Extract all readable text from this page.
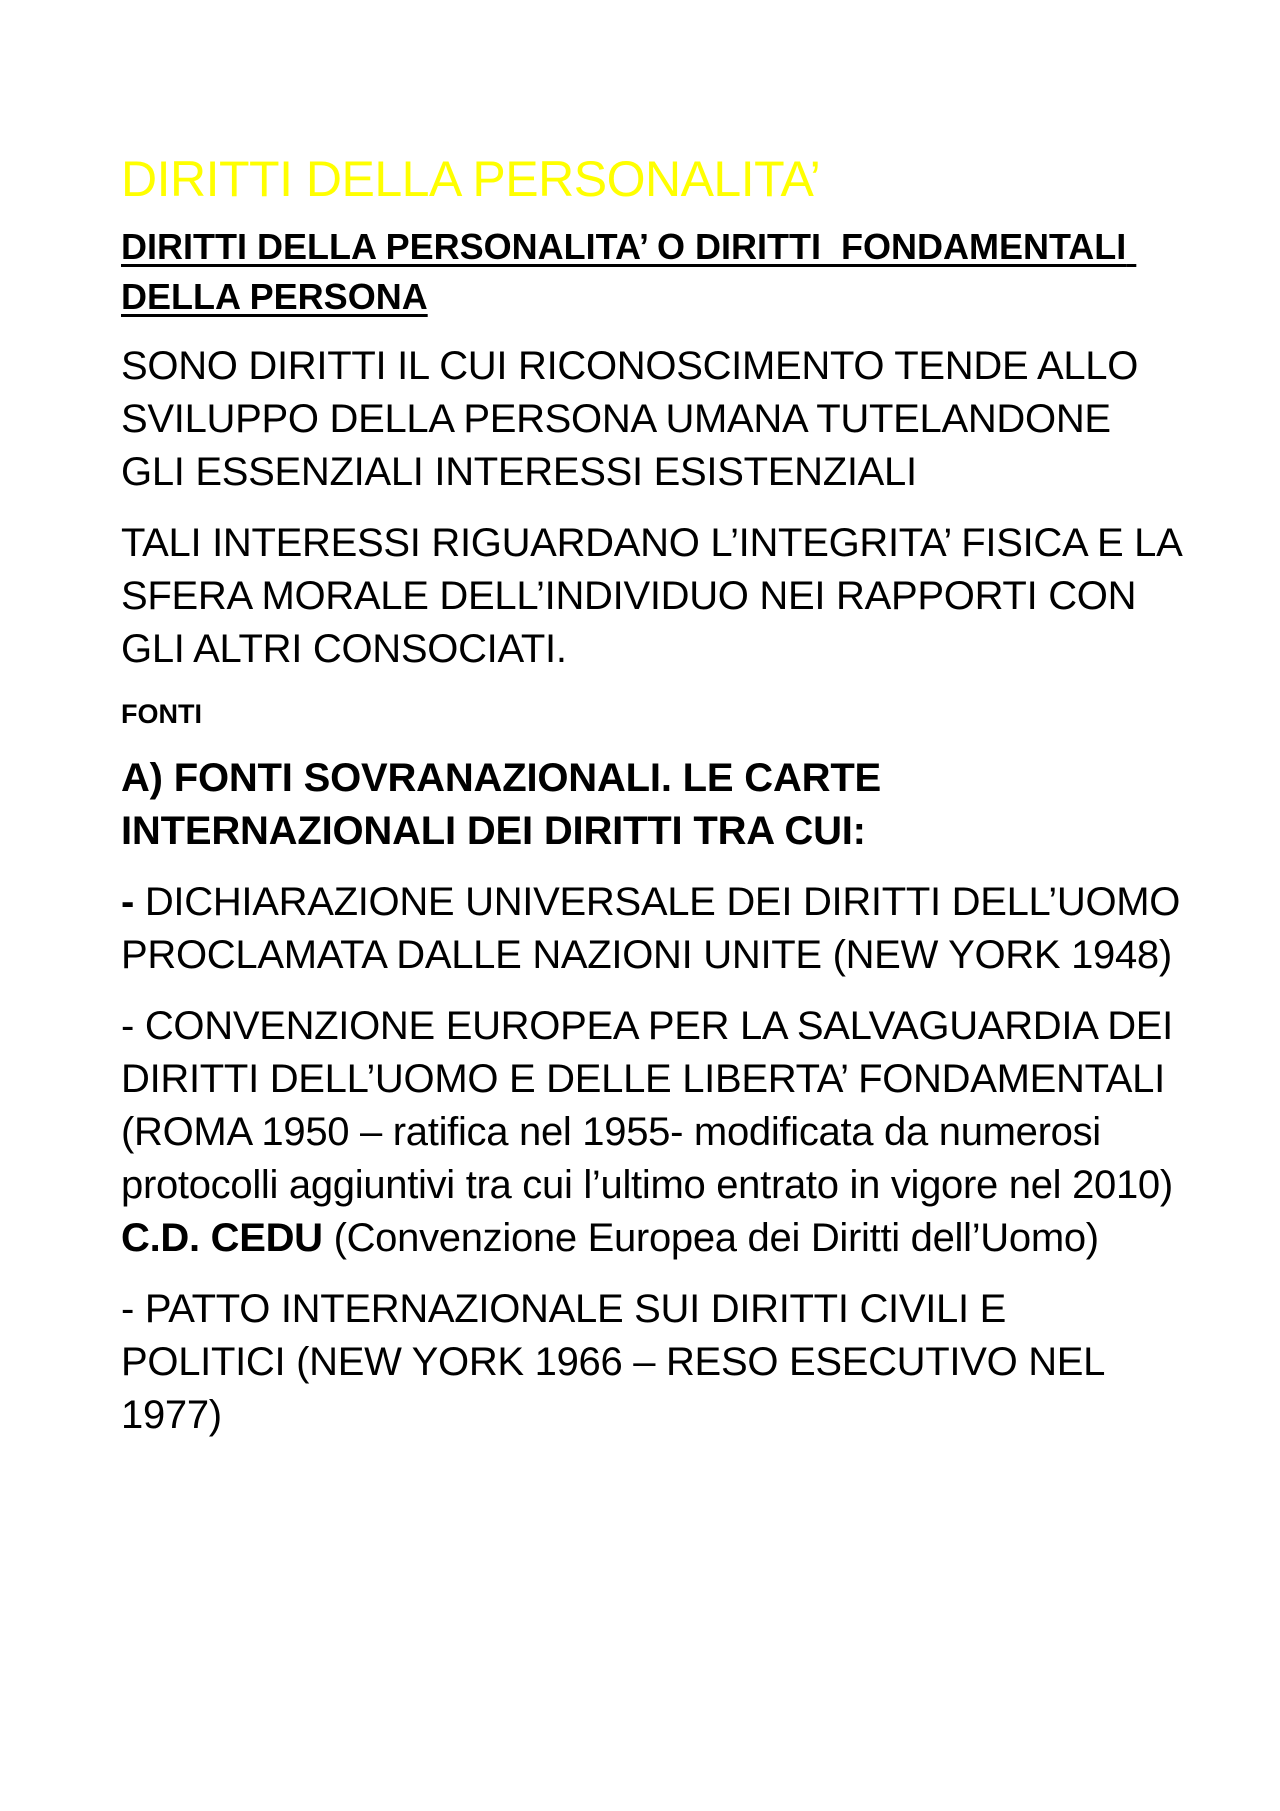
DIRITTI DELLA PERSONALITA’
DIRITTI DELLA PERSONALITA’ O DIRITTI  FONDAMENTALI DELLA PERSONA

SONO DIRITTI IL CUI RICONOSCIMENTO TENDE ALLO SVILUPPO DELLA PERSONA UMANA TUTELANDONE GLI ESSENZIALI INTERESSI ESISTENZIALI

TALI INTERESSI RIGUARDANO L’INTEGRITA’ FISICA E LA SFERA MORALE DELL’INDIVIDUO NEI RAPPORTI CON GLI ALTRI CONSOCIATI.

FONTI
A) FONTI SOVRANAZIONALI. LE CARTE INTERNAZIONALI DEI DIRITTI TRA CUI:

- DICHIARAZIONE UNIVERSALE DEI DIRITTI DELL’UOMO PROCLAMATA DALLE NAZIONI UNITE (NEW YORK 1948)

- CONVENZIONE EUROPEA PER LA SALVAGUARDIA DEI DIRITTI DELL’UOMO E DELLE LIBERTA’ FONDAMENTALI (ROMA 1950 – ratifica nel 1955- modificata da numerosi protocolli aggiuntivi tra cui l’ultimo entrato in vigore nel 2010) C.D. CEDU (Convenzione Europea dei Diritti dell’Uomo)

- PATTO INTERNAZIONALE SUI DIRITTI CIVILI E POLITICI (NEW YORK 1966 – RESO ESECUTIVO NEL 1977)
